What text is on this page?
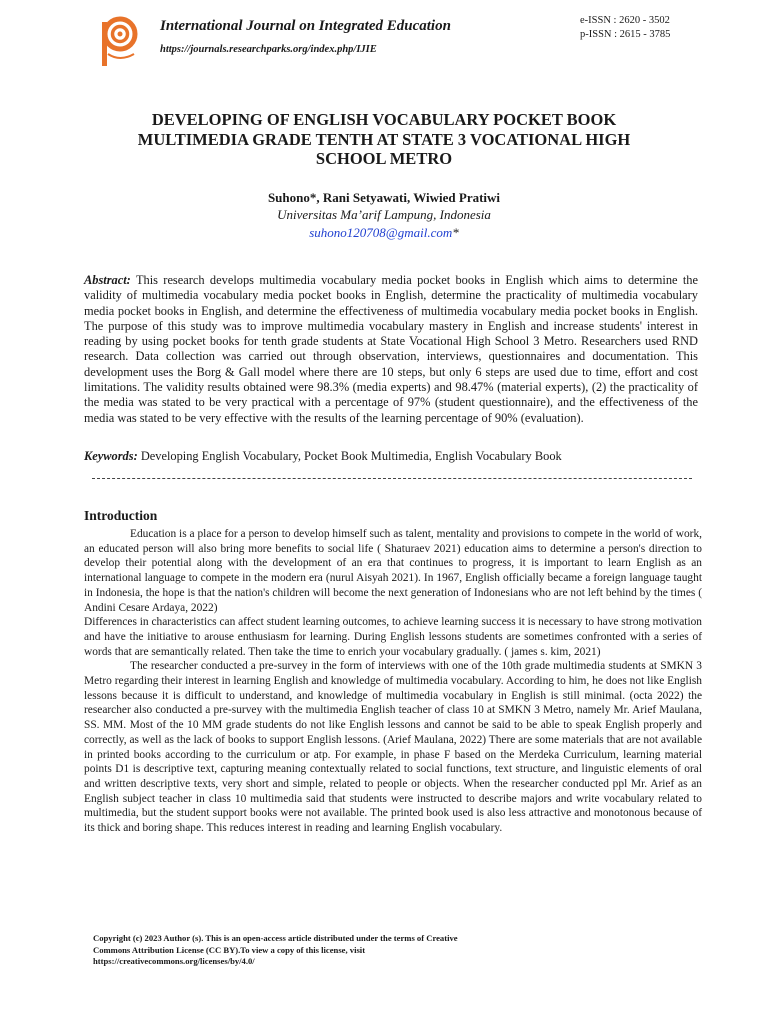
International Journal on Integrated Education
https://journals.researchparks.org/index.php/IJIE
e-ISSN : 2620 - 3502
p-ISSN : 2615 - 3785
DEVELOPING OF ENGLISH VOCABULARY POCKET BOOK MULTIMEDIA GRADE TENTH AT STATE 3 VOCATIONAL HIGH SCHOOL METRO
Suhono*, Rani Setyawati, Wiwied Pratiwi
Universitas Ma’arif Lampung, Indonesia
suhono120708@gmail.com*
Abstract: This research develops multimedia vocabulary media pocket books in English which aims to determine the validity of multimedia vocabulary media pocket books in English, determine the practicality of multimedia vocabulary media pocket books in English, and determine the effectiveness of multimedia vocabulary media pocket books in English. The purpose of this study was to improve multimedia vocabulary mastery in English and increase students' interest in reading by using pocket books for tenth grade students at State Vocational High School 3 Metro. Researchers used RND research. Data collection was carried out through observation, interviews, questionnaires and documentation. This development uses the Borg & Gall model where there are 10 steps, but only 6 steps are used due to time, effort and cost limitations. The validity results obtained were 98.3% (media experts) and 98.47% (material experts), (2) the practicality of the media was stated to be very practical with a percentage of 97% (student questionnaire), and the effectiveness of the media was stated to be very effective with the results of the learning percentage of 90% (evaluation).
Keywords: Developing English Vocabulary, Pocket Book Multimedia, English Vocabulary Book
Introduction

Education is a place for a person to develop himself such as talent, mentality and provisions to compete in the world of work, an educated person will also bring more benefits to social life ( Shaturaev 2021) education aims to determine a person's direction to develop their potential along with the development of an era that continues to progress, it is important to learn English as an international language to compete in the modern era (nurul Aisyah 2021). In 1967, English officially became a foreign language taught in Indonesia, the hope is that the nation's children will become the next generation of Indonesians who are not left behind by the times ( Andini Cesare Ardaya, 2022)

Differences in characteristics can affect student learning outcomes, to achieve learning success it is necessary to have strong motivation and have the initiative to arouse enthusiasm for learning. During English lessons students are sometimes confronted with a series of words that are semantically related. Then take the time to enrich your vocabulary gradually. ( james s. kim, 2021)

The researcher conducted a pre-survey in the form of interviews with one of the 10th grade multimedia students at SMKN 3 Metro regarding their interest in learning English and knowledge of multimedia vocabulary. According to him, he does not like English lessons because it is difficult to understand, and knowledge of multimedia vocabulary in English is still minimal. (octa 2022) the researcher also conducted a pre-survey with the multimedia English teacher of class 10 at SMKN 3 Metro, namely Mr. Arief Maulana, SS. MM. Most of the 10 MM grade students do not like English lessons and cannot be said to be able to speak English properly and correctly, as well as the lack of books to support English lessons. (Arief Maulana, 2022) There are some materials that are not available in printed books according to the curriculum or atp. For example, in phase F based on the Merdeka Curriculum, learning material points D1 is descriptive text, capturing meaning contextually related to social functions, text structure, and linguistic elements of oral and written descriptive texts, very short and simple, related to people or objects. When the researcher conducted ppl Mr. Arief as an English subject teacher in class 10 multimedia said that students were instructed to describe majors and write vocabulary related to multimedia, but the student support books were not available. The printed book used is also less attractive and monotonous because of its thick and boring shape. This reduces interest in reading and learning English vocabulary.

Copyright (c) 2023 Author (s). This is an open-access article distributed under the terms of Creative Commons Attribution License (CC BY).To view a copy of this license, visit https://creativecommons.org/licenses/by/4.0/
